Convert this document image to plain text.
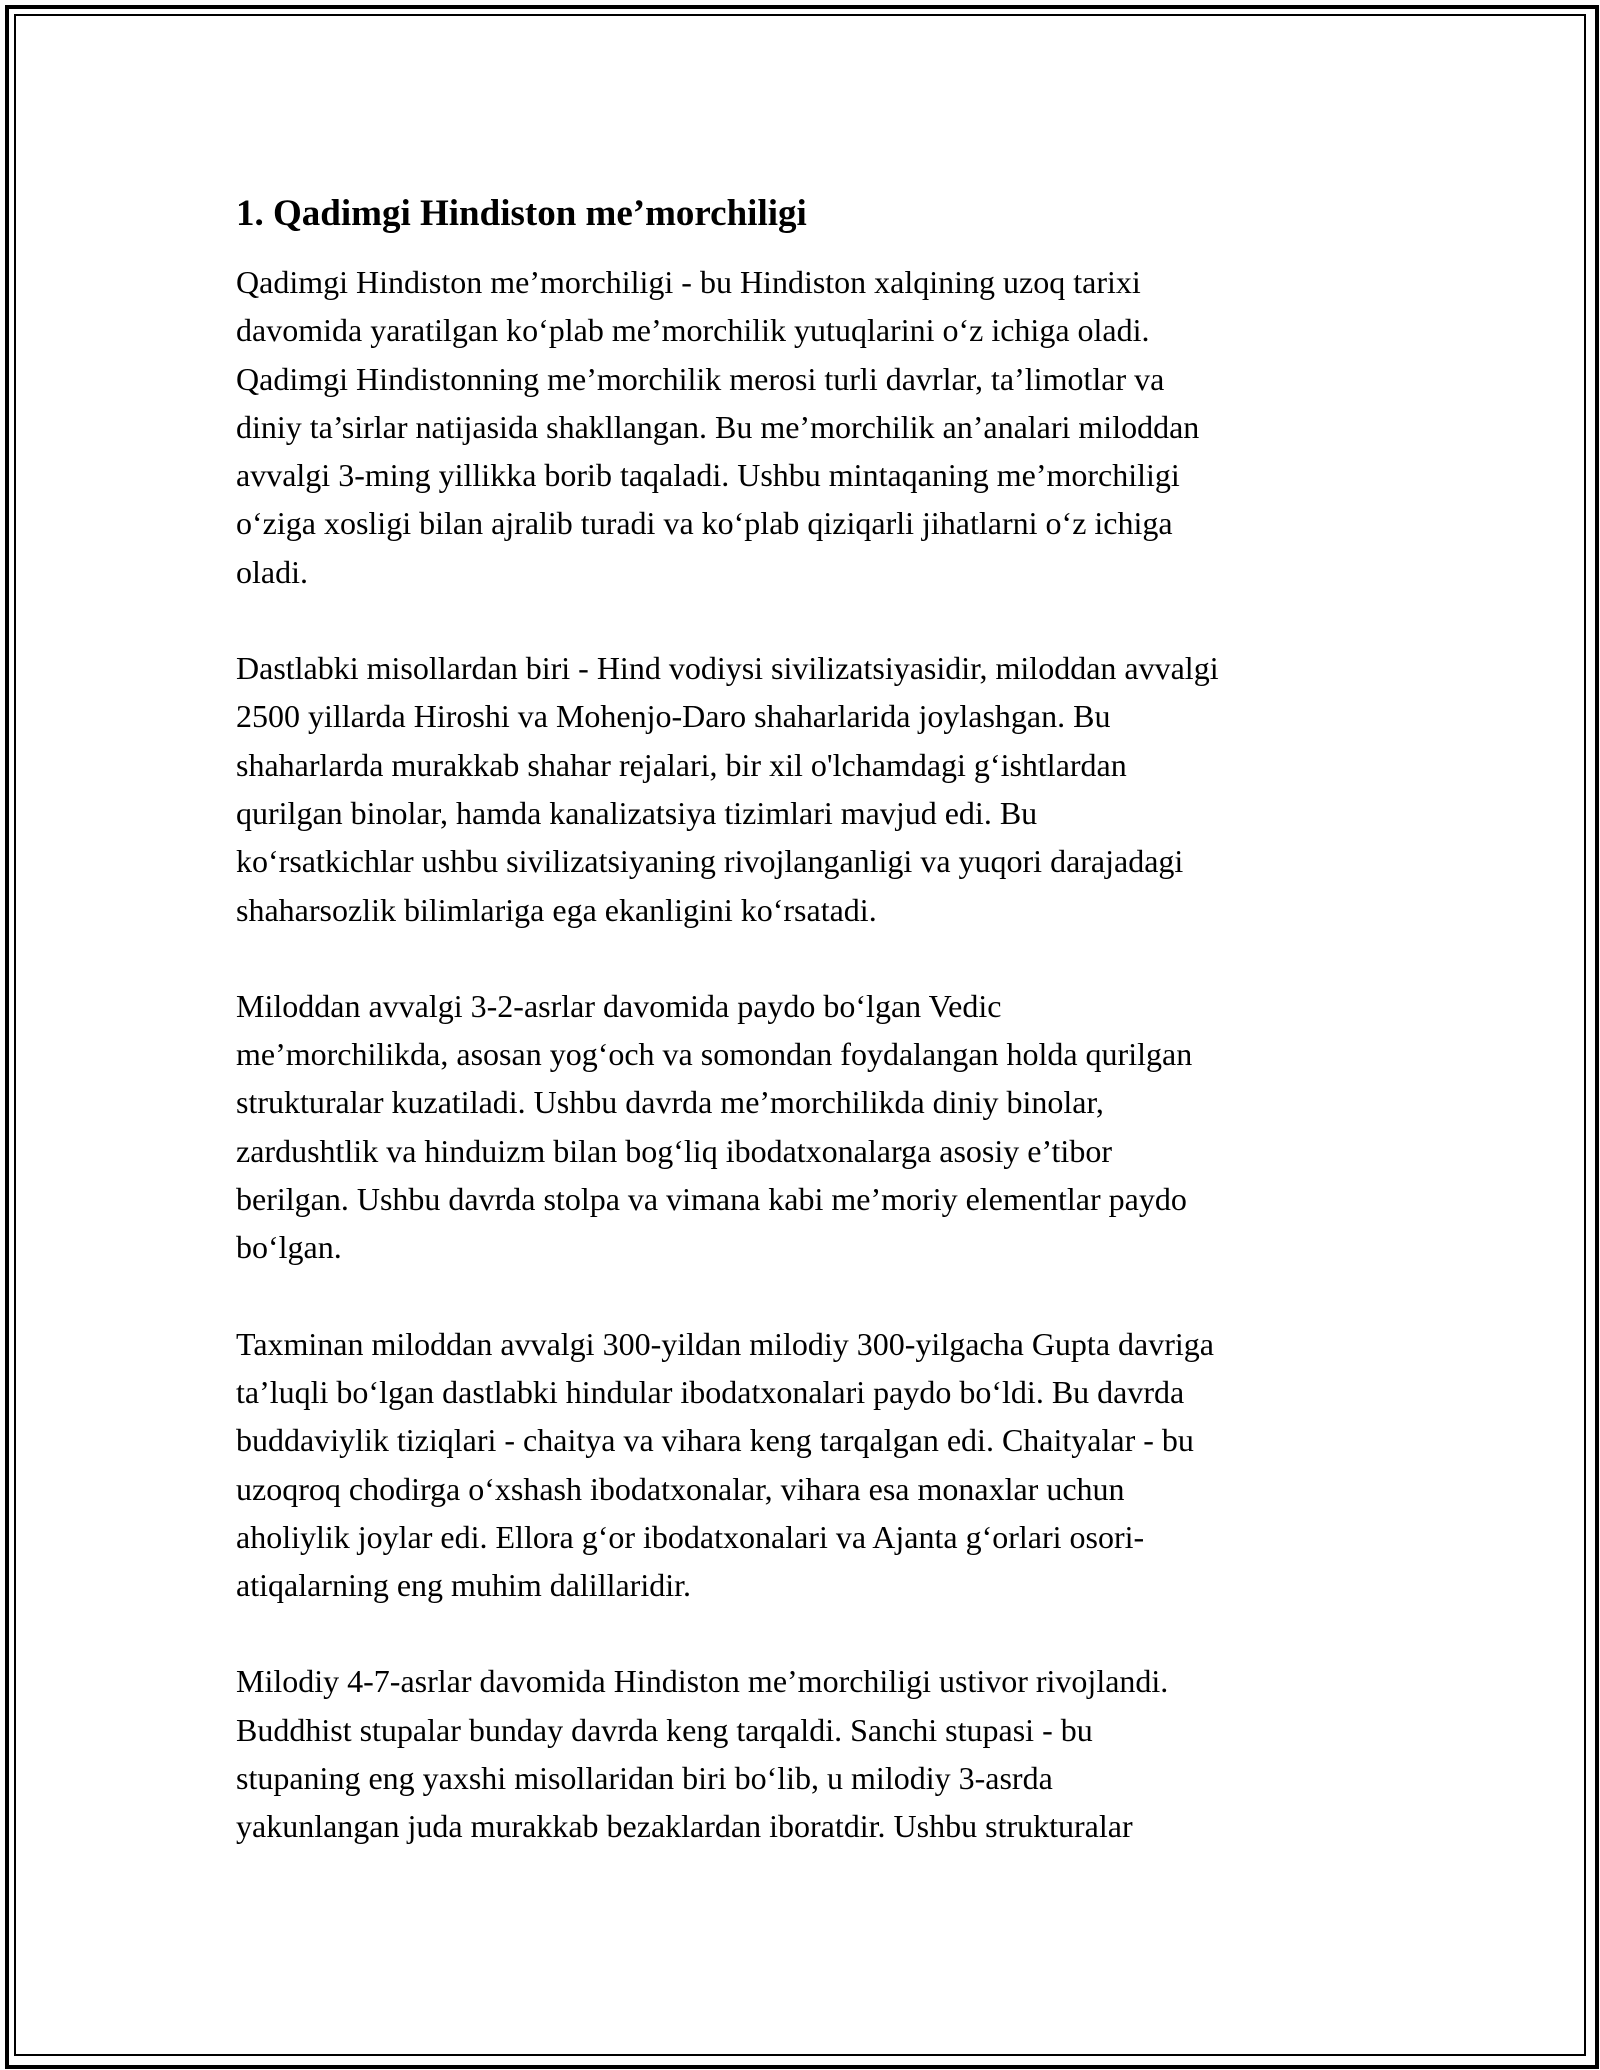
1. Qadimgi Hindiston me’morchiligi

Qadimgi Hindiston me’morchiligi - bu Hindiston xalqining uzoq tarixi
davomida yaratilgan ko‘plab me’morchilik yutuqlarini o‘z ichiga oladi.
Qadimgi Hindistonning me’morchilik merosi turli davrlar, ta’limotlar va
diniy ta’sirlar natijasida shakllangan. Bu me’morchilik an’analari miloddan
avvalgi 3-ming yillikka borib taqaladi. Ushbu mintaqaning me’morchiligi
o‘ziga xosligi bilan ajralib turadi va ko‘plab qiziqarli jihatlarni o‘z ichiga
oladi.

Dastlabki misollardan biri - Hind vodiysi sivilizatsiyasidir, miloddan avvalgi
2500 yillarda Hiroshi va Mohenjo-Daro shaharlarida joylashgan. Bu
shaharlarda murakkab shahar rejalari, bir xil o'lchamdagi g‘ishtlardan
qurilgan binolar, hamda kanalizatsiya tizimlari mavjud edi. Bu
ko‘rsatkichlar ushbu sivilizatsiyaning rivojlanganligi va yuqori darajadagi
shaharsozlik bilimlariga ega ekanligini ko‘rsatadi.

Miloddan avvalgi 3-2-asrlar davomida paydo bo‘lgan Vedic
me’morchilikda, asosan yog‘och va somondan foydalangan holda qurilgan
strukturalar kuzatiladi. Ushbu davrda me’morchilikda diniy binolar,
zardushtlik va hinduizm bilan bog‘liq ibodatxonalarga asosiy e’tibor
berilgan. Ushbu davrda stolpa va vimana kabi me’moriy elementlar paydo
bo‘lgan.

Taxminan miloddan avvalgi 300-yildan milodiy 300-yilgacha Gupta davriga
ta’luqli bo‘lgan dastlabki hindular ibodatxonalari paydo bo‘ldi. Bu davrda
buddaviylik tiziqlari - chaitya va vihara keng tarqalgan edi. Chaityalar - bu
uzoqroq chodirga o‘xshash ibodatxonalar, vihara esa monaxlar uchun
aholiylik joylar edi. Ellora g‘or ibodatxonalari va Ajanta g‘orlari osori-
atiqalarning eng muhim dalillaridir.

Milodiy 4-7-asrlar davomida Hindiston me’morchiligi ustivor rivojlandi.
Buddhist stupalar bunday davrda keng tarqaldi. Sanchi stupasi - bu
stupaning eng yaxshi misollaridan biri bo‘lib, u milodiy 3-asrda
yakunlangan juda murakkab bezaklardan iboratdir. Ushbu strukturalar
